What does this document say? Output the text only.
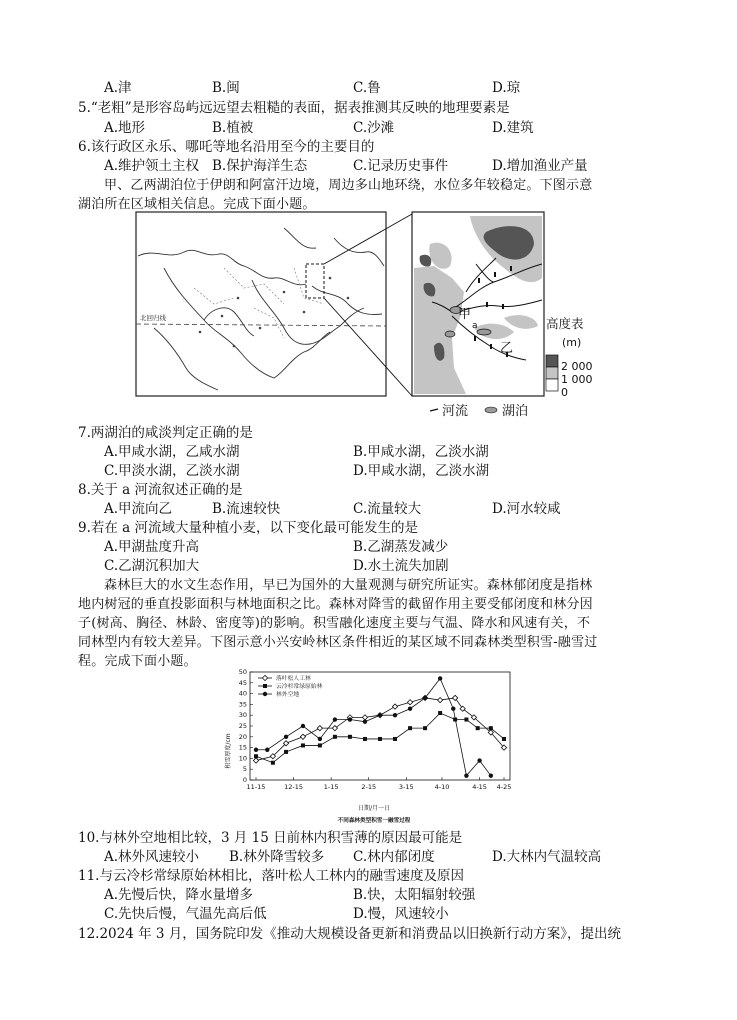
A.津	B.闽	C.鲁	D.琼
5.“老粗”是形容岛屿远远望去粗糙的表面，据表推测其反映的地理要素是
A.地形	B.植被	C.沙滩	D.建筑
6.该行政区永乐、哪吒等地名沿用至今的主要目的
A.维护领土主权 B.保护海洋生态	C.记录历史事件	D.增加渔业产量
甲、乙两湖泊位于伊朗和阿富汗边境，周边多山地环绕，水位多年较稳定。下图示意
湖泊所在区域相关信息。完成下面小题。
北回归线	甲
乙
a	高度表
(m)
2 000
1 000
0
河流	湖泊
7.两湖泊的咸淡判定正确的是
A.甲咸水湖，乙咸水湖	B.甲咸水湖，乙淡水湖
C.甲淡水湖，乙淡水湖	D.甲咸水湖，乙淡水湖
8.关于 a 河流叙述正确的是
A.甲流向乙	B.流速较快	C.流量较大	D.河水较咸
9.若在 a 河流域大量种植小麦，以下变化最可能发生的是
A.甲湖盐度升高	B.乙湖蒸发减少
C.乙湖沉积加大	D.水土流失加剧
森林巨大的水文生态作用，早已为国外的大量观测与研究所证实。森林郁闭度是指林
地内树冠的垂直投影面积与林地面积之比。森林对降雪的截留作用主要受郁闭度和林分因
子(树高、胸径、林龄、密度等)的影响。积雪融化速度主要与气温、降水和风速有关，不
同林型内有较大差异。下图示意小兴安岭林区条件相近的某区域不同森林类型积雪-融雪过
程。完成下面小题。
积雪厚度/cm
日期/月一日
不同森林类型积雪一融雪过程
0
5
10
15
20
25
30
35
40
45
50
11-15	12-15	1-15	2-15	3-15	4-10	4-15 4-25
落叶松人工林
云冷杉常绿原始林
林外空地
10.与林外空地相比较，3 月 15 日前林内积雪薄的原因最可能是
A.林外风速较小 B.林外降雪较多 C.林内郁闭度	D.大林内气温较高
11.与云冷杉常绿原始林相比，落叶松人工林内的融雪速度及原因
A.先慢后快，降水量增多	B.快，太阳辐射较强
C.先快后慢，气温先高后低	D.慢，风速较小
12.2024 年 3 月，国务院印发《推动大规模设备更新和消费品以旧换新行动方案》，提出统
